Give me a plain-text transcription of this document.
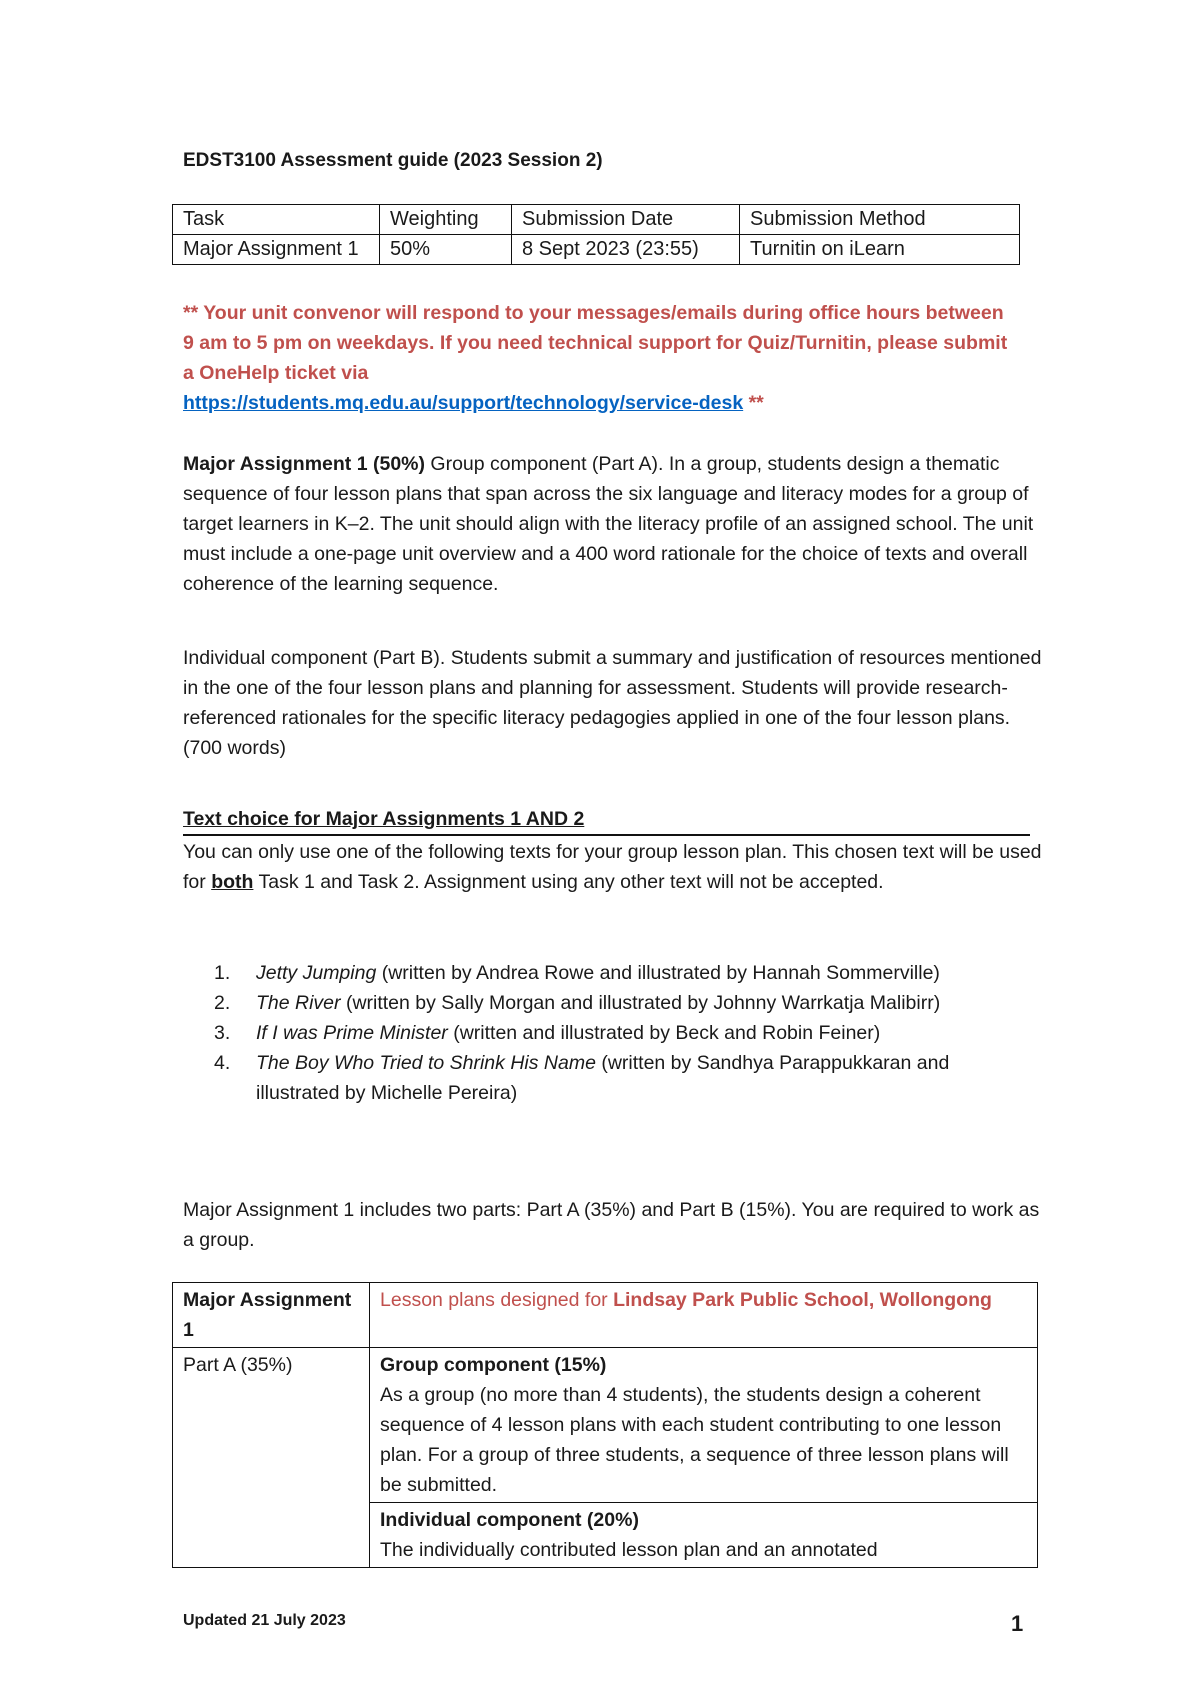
EDST3100 Assessment guide (2023 Session 2)
Task	Weighting	Submission Date	Submission Method
Major Assignment 1	50%	8 Sept 2023 (23:55)	Turnitin on iLearn
** Your unit convenor will respond to your messages/emails during office hours between 9 am to 5 pm on weekdays. If you need technical support for Quiz/Turnitin, please submit a OneHelp ticket via
https://students.mq.edu.au/support/technology/service-desk **
Major Assignment 1 (50%) Group component (Part A). In a group, students design a thematic sequence of four lesson plans that span across the six language and literacy modes for a group of target learners in K–2. The unit should align with the literacy profile of an assigned school. The unit must include a one-page unit overview and a 400 word rationale for the choice of texts and overall coherence of the learning sequence.
Individual component (Part B). Students submit a summary and justification of resources mentioned in the one of the four lesson plans and planning for assessment. Students will provide research-referenced rationales for the specific literacy pedagogies applied in one of the four lesson plans. (700 words)
Text choice for Major Assignments 1 AND 2
You can only use one of the following texts for your group lesson plan. This chosen text will be used for both Task 1 and Task 2. Assignment using any other text will not be accepted.
1. Jetty Jumping (written by Andrea Rowe and illustrated by Hannah Sommerville)
2. The River (written by Sally Morgan and illustrated by Johnny Warrkatja Malibirr)
3. If I was Prime Minister (written and illustrated by Beck and Robin Feiner)
4. The Boy Who Tried to Shrink His Name (written by Sandhya Parappukkaran and illustrated by Michelle Pereira)
Major Assignment 1 includes two parts: Part A (35%) and Part B (15%). You are required to work as a group.
Major Assignment 1	Lesson plans designed for Lindsay Park Public School, Wollongong
Part A (35%)	Group component (15%)
As a group (no more than 4 students), the students design a coherent sequence of 4 lesson plans with each student contributing to one lesson plan. For a group of three students, a sequence of three lesson plans will be submitted.

	Individual component (20%)
The individually contributed lesson plan and an annotated
Updated 21 July 2023	1
